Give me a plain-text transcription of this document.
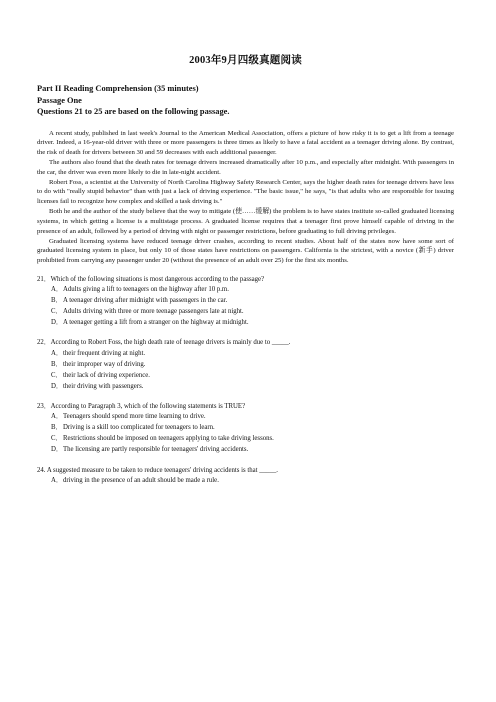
2003年9月四级真题阅读

Part II Reading Comprehension (35 minutes)

Passage One

Questions 21 to 25 are based on the following passage.

A recent study, published in last week's Journal to the American Medical Association, offers a picture of how risky it is to get a lift from a teenage driver. Indeed, a 16-year-old driver with three or more passengers is three times as likely to have a fatal accident as a teenager driving alone. By contrast, the risk of death for drivers between 30 and 59 decreases with each additional passenger.

The authors also found that the death rates for teenage drivers increased dramatically after 10 p.m., and especially after midnight. With passengers in the car, the driver was even more likely to die in late-night accident.

Robert Foss, a scientist at the University of North Carolina Highway Safety Research Center, says the higher death rates for teenage drivers have less to do with "really stupid behavior" than with just a lack of driving experience. "The basic issue," he says, "is that adults who are responsible for issuing licenses fail to recognize how complex and skilled a task driving is."

Both he and the author of the study believe that the way to mitigate (使……缓解) the problem is to have states institute so-called graduated licensing systems, in which getting a license is a multistage process. A graduated license requires that a teenager first prove himself capable of driving in the presence of an adult, followed by a period of driving with night or passenger restrictions, before graduating to full driving privileges.

Graduated licensing systems have reduced teenage driver crashes, according to recent studies. About half of the states now have some sort of graduated licensing system in place, but only 10 of those states have restrictions on passengers. California is the strictest, with a novice (新手) driver prohibited from carrying any passenger under 20 (without the presence of an adult over 25) for the first six months.

21．Which of the following situations is most dangerous according to the passage?

A． Adults giving a lift to teenagers on the highway after 10 p.m.
B． A teenager driving after midnight with passengers in the car.
C． Adults driving with three or more teenage passengers late at night.
D． A teenager getting a lift from a stranger on the highway at midnight.

22．According to Robert Foss, the high death rate of teenage drivers is mainly due to _____.

A． their frequent driving at night.
B． their improper way of driving.
C． their lack of driving experience.
D． their driving with passengers.

23．According to Paragraph 3, which of the following statements is TRUE?

A． Teenagers should spend more time learning to drive.
B． Driving is a skill too complicated for teenagers to learn.
C． Restrictions should be imposed on teenagers applying to take driving lessons.
D． The licensing are partly responsible for teenagers' driving accidents.

24. A suggested measure to be taken to reduce teenagers' driving accidents is that _____.

A． driving in the presence of an adult should be made a rule.
